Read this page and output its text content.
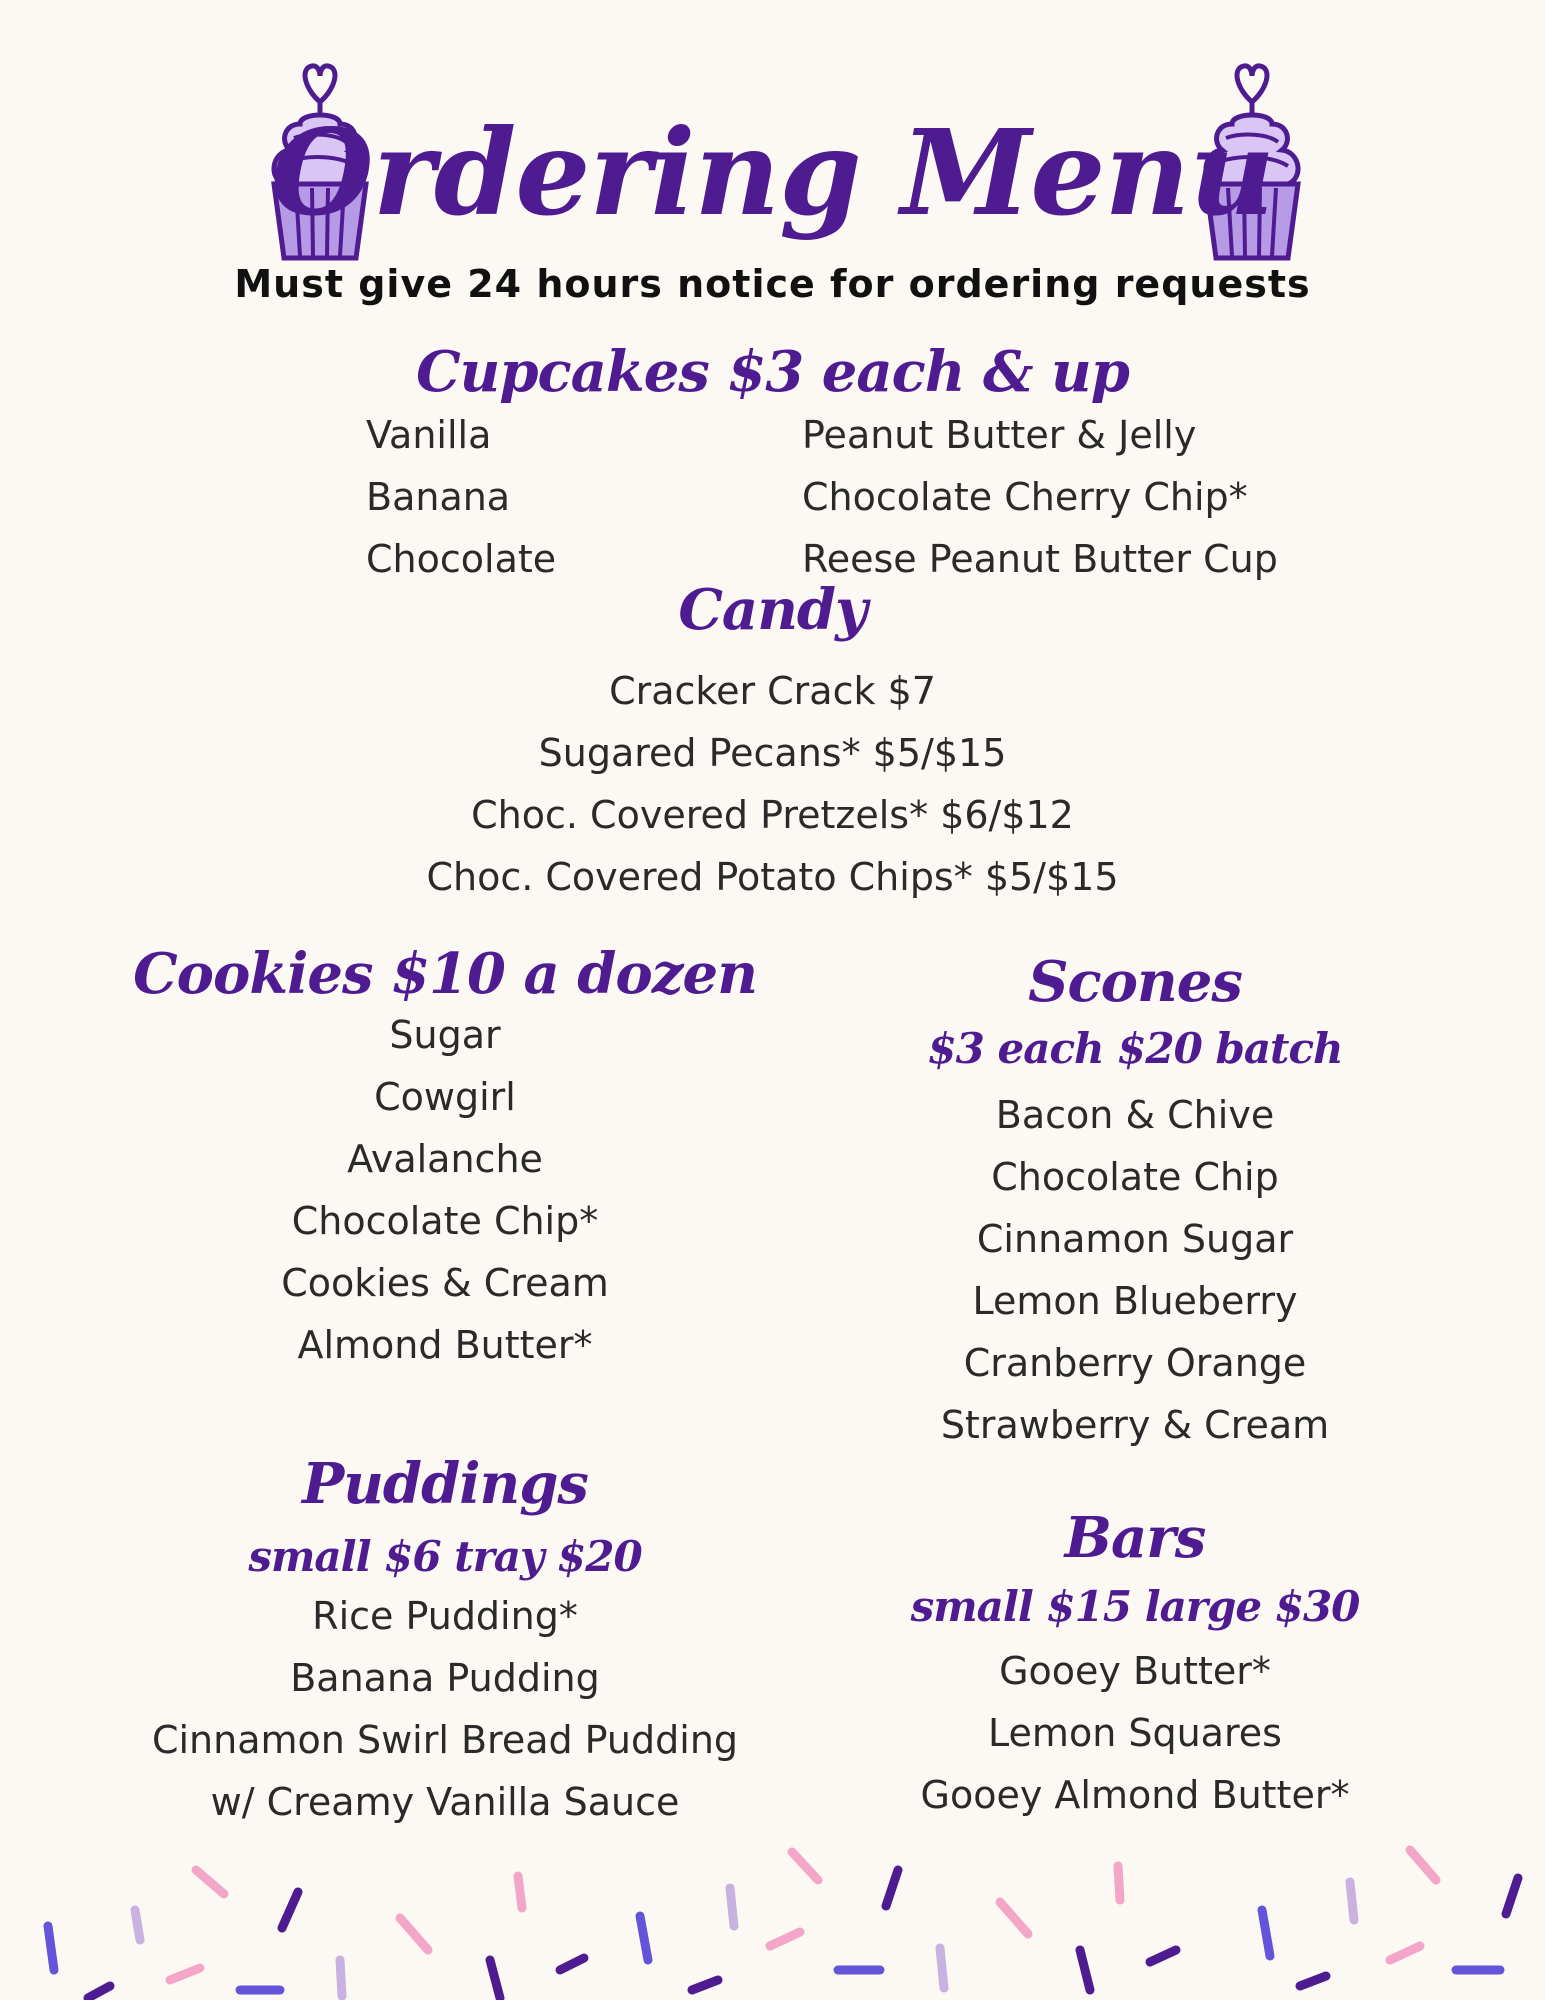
Ordering Menu
Must give 24 hours notice for ordering requests
Cupcakes $3 each & up
Vanilla
Banana
Chocolate
Peanut Butter & Jelly
Chocolate Cherry Chip*
Reese Peanut Butter Cup
Candy
Cracker Crack $7
Sugared Pecans* $5/$15
Choc. Covered Pretzels* $6/$12
Choc. Covered Potato Chips* $5/$15
Cookies $10 a dozen
Sugar
Cowgirl
Avalanche
Chocolate Chip*
Cookies & Cream
Almond Butter*
Scones
$3 each $20 batch
Bacon & Chive
Chocolate Chip
Cinnamon Sugar
Lemon Blueberry
Cranberry Orange
Strawberry & Cream
Puddings
small $6 tray $20
Rice Pudding*
Banana Pudding
Cinnamon Swirl Bread Pudding
w/ Creamy Vanilla Sauce
Bars
small $15 large $30
Gooey Butter*
Lemon Squares
Gooey Almond Butter*
